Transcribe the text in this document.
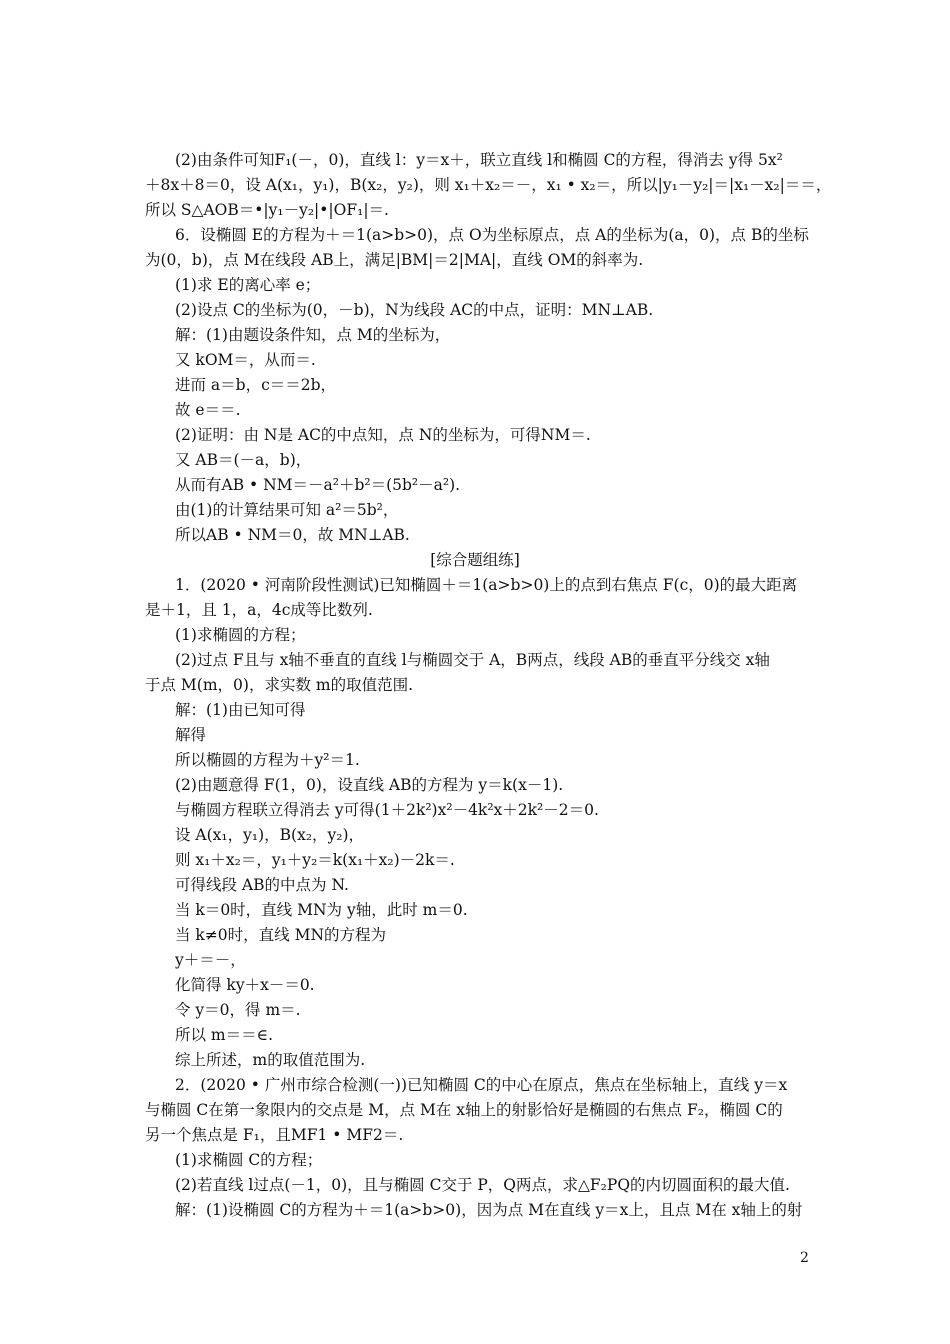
(2)由条件可知F₁(－，0)，直线 l：y＝x＋，联立直线 l和椭圆 C的方程，得消去 y得 5x²
＋8x＋8＝0，设 A(x₁，y₁)，B(x₂，y₂)，则 x₁＋x₂＝－，x₁ • x₂＝，所以|y₁－y₂|＝|x₁－x₂|＝＝，
所以 S△AOB＝•|y₁－y₂|•|OF₁|＝.
6．设椭圆 E的方程为＋＝1(a>b>0)，点 O为坐标原点，点 A的坐标为(a，0)，点 B的坐标
为(0，b)，点 M在线段 AB上，满足|BM|＝2|MA|，直线 OM的斜率为.
(1)求 E的离心率 e；
(2)设点 C的坐标为(0，－b)，N为线段 AC的中点，证明：MN⊥AB.
解：(1)由题设条件知，点 M的坐标为，
又 kOM＝，从而＝.
进而 a＝b，c＝＝2b，
故 e＝＝.
(2)证明：由 N是 AC的中点知，点 N的坐标为，可得NM＝.
又 AB＝(－a，b)，
从而有AB • NM＝－a²＋b²＝(5b²－a²).
由(1)的计算结果可知 a²＝5b²，
所以AB • NM＝0，故 MN⊥AB.
[综合题组练]
1．(2020 • 河南阶段性测试)已知椭圆＋＝1(a>b>0)上的点到右焦点 F(c，0)的最大距离
是＋1，且 1，a，4c成等比数列.
(1)求椭圆的方程；
(2)过点 F且与 x轴不垂直的直线 l与椭圆交于 A，B两点，线段 AB的垂直平分线交 x轴
于点 M(m，0)，求实数 m的取值范围.
解：(1)由已知可得
解得
所以椭圆的方程为＋y²＝1.
(2)由题意得 F(1，0)，设直线 AB的方程为 y＝k(x－1).
与椭圆方程联立得消去 y可得(1＋2k²)x²－4k²x＋2k²－2＝0.
设 A(x₁，y₁)，B(x₂，y₂)，
则 x₁＋x₂＝，y₁＋y₂＝k(x₁＋x₂)－2k＝.
可得线段 AB的中点为 N.
当 k＝0时，直线 MN为 y轴，此时 m＝0.
当 k≠0时，直线 MN的方程为
y＋＝－，
化简得 ky＋x－＝0.
令 y＝0，得 m＝.
所以 m＝＝∈.
综上所述，m的取值范围为.
2．(2020 • 广州市综合检测(一))已知椭圆 C的中心在原点，焦点在坐标轴上，直线 y＝x
与椭圆 C在第一象限内的交点是 M，点 M在 x轴上的射影恰好是椭圆的右焦点 F₂，椭圆 C的
另一个焦点是 F₁，且MF1 • MF2＝.
(1)求椭圆 C的方程；
(2)若直线 l过点(－1，0)，且与椭圆 C交于 P，Q两点，求△F₂PQ的内切圆面积的最大值.
解：(1)设椭圆 C的方程为＋＝1(a>b>0)，因为点 M在直线 y＝x上，且点 M在 x轴上的射
2
